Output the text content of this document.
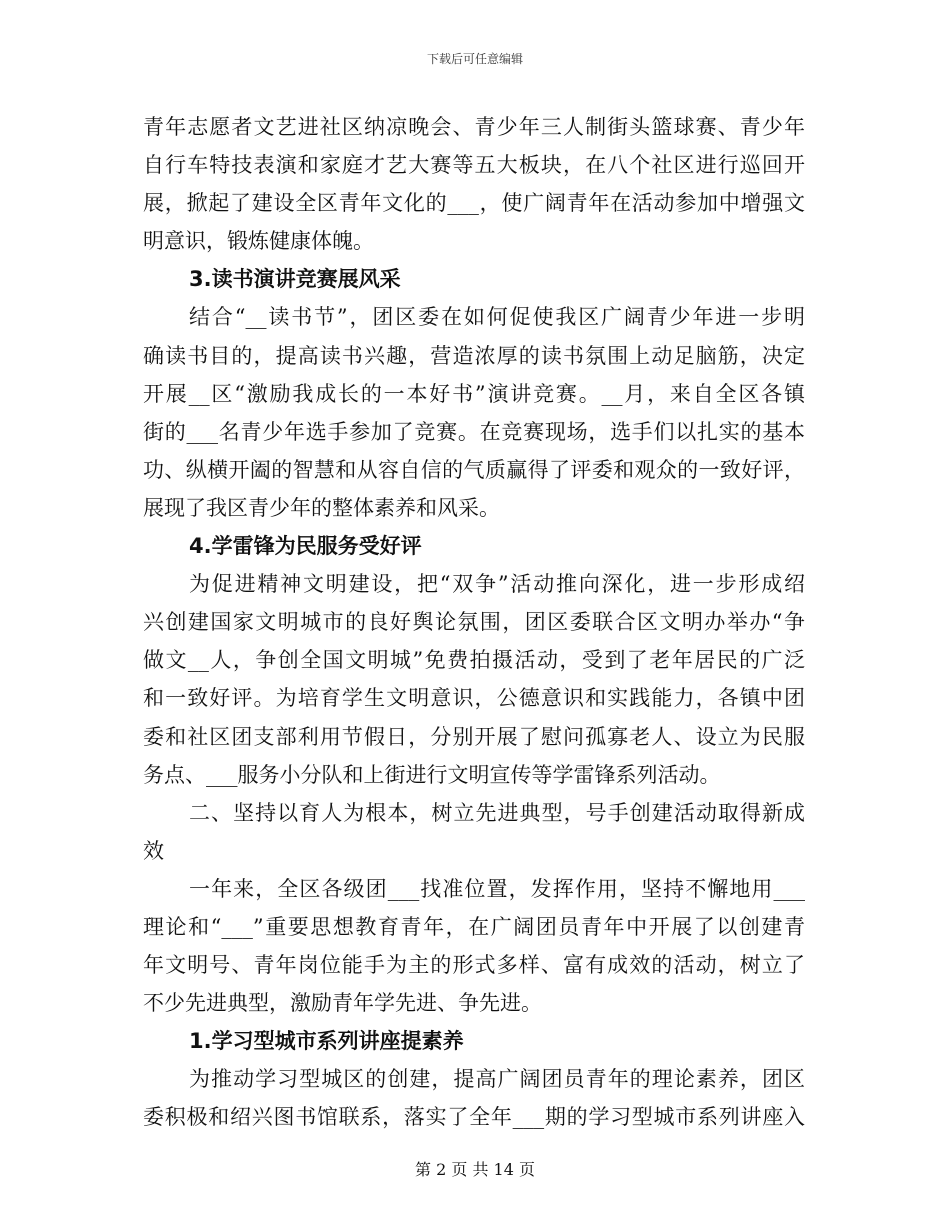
下载后可任意编辑
青年志愿者文艺进社区纳凉晚会、青少年三人制街头篮球赛、青少年
自行车特技表演和家庭才艺大赛等五大板块，在八个社区进行巡回开
展，掀起了建设全区青年文化的___，使广阔青年在活动参加中增强文
明意识，锻炼健康体魄。
3.读书演讲竞赛展风采
结合“__读书节”，团区委在如何促使我区广阔青少年进一步明
确读书目的，提高读书兴趣，营造浓厚的读书氛围上动足脑筋，决定
开展__区“激励我成长的一本好书”演讲竞赛。__月，来自全区各镇
街的___名青少年选手参加了竞赛。在竞赛现场，选手们以扎实的基本
功、纵横开阖的智慧和从容自信的气质赢得了评委和观众的一致好评，
展现了我区青少年的整体素养和风采。
4.学雷锋为民服务受好评
为促进精神文明建设，把“双争”活动推向深化，进一步形成绍
兴创建国家文明城市的良好舆论氛围，团区委联合区文明办举办“争
做文__人，争创全国文明城”免费拍摄活动，受到了老年居民的广泛
和一致好评。为培育学生文明意识，公德意识和实践能力，各镇中团
委和社区团支部利用节假日，分别开展了慰问孤寡老人、设立为民服
务点、___服务小分队和上街进行文明宣传等学雷锋系列活动。
二、坚持以育人为根本，树立先进典型，号手创建活动取得新成
效
一年来，全区各级团___找准位置，发挥作用，坚持不懈地用___
理论和“___”重要思想教育青年，在广阔团员青年中开展了以创建青
年文明号、青年岗位能手为主的形式多样、富有成效的活动，树立了
不少先进典型，激励青年学先进、争先进。
1.学习型城市系列讲座提素养
为推动学习型城区的创建，提高广阔团员青年的理论素养，团区
委积极和绍兴图书馆联系，落实了全年___期的学习型城市系列讲座入
第 2 页 共 14 页
